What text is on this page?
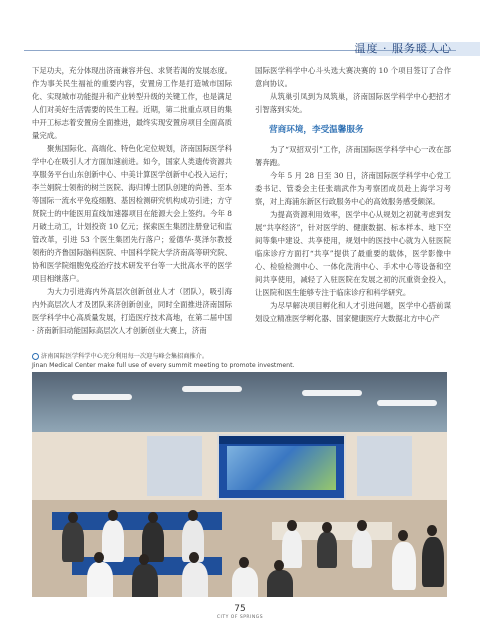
温度 · 服务暖人心

下足功夫，充分体现出济南兼容并包、求贤若渴的发展态度。作为事关民生福祉的重要内容，安置房工作是打造城市国际化、实现城市功能提升和产业转型升级的关键工作，也是满足人们对美好生活需要的民生工程。近期，第二批重点项目的集中开工标志着安置房全面推进，最终实现安置房项目全面高质量完成。

聚焦国际化、高端化、特色化定位规划，济南国际医学科学中心在吸引人才方面加速前进。如今，国家人类遗传资源共享服务平台山东创新中心、中美计算医学创新中心投入运行；李兰娟院士领衔的树兰医院、海归博士团队创建的尚善、至本等国际一流水平免疫细胞、基因检测研究机构成功引进；方守贤院士的中能医用直线加速器项目在能源大会上签约。今年 8 月破土动工，计划投资 10 亿元；探索医生集团注册登记和监管改革，引进 53 个医生集团先行落户；爱德华·莫泽尔教授领衔的齐鲁国际脑科医院、中国科学院大学济南高等研究院、协和医学院细胞免疫治疗技术研发平台等一大批高水平的医学项目相继落户。

为大力引进海内外高层次创新创业人才（团队），吸引海内外高层次人才及团队来济创新创业，同时全面推进济南国际医学科学中心高质量发展，打造医疗技术高地，在第二届中国 · 济南新旧动能国际高层次人才创新创业大赛上，济南

国际医学科学中心斗头选大赛决赛的 10 个项目签订了合作意向协议。

从筑巢引凤到为凤筑巢，济南国际医学科学中心把招才引智落到实处。

营商环境，李受温馨服务

为了“双招双引”工作，济南国际医学科学中心一改在部署奔跑。

今年 5 月 28 日至 30 日，济南国际医学科学中心党工委书记、管委会主任张端武作为考察团成员赴上海学习考察，对上海浦东新区行政服务中心的高效服务感受颇深。

为提高资源利用效率，医学中心从规划之初就考虑到发展“共享经济”，针对医学的、健康数据、标本样本、地下空间等集中建设、共享使用，规划中的医技中心就为入驻医院临床诊疗方面打“共享”提供了最重要的载体，医学影像中心、检验检测中心、一体化洗消中心、手术中心等设备和空间共享使用，减轻了入驻医院在发展之初的沉重资金投入，让医院和医生能够专注于临床诊疗和科学研究。

为尽早解决项目孵化和人才引进问题，医学中心搭前谋划设立精准医学孵化器、国家健康医疗大数据北方中心产

济南国际医学科学中心充分利用每一次迎与峰会集招商推介。
Jinan Medical Center make full use of every summit meeting to promote investment.
75
CITY OF SPRINGS
